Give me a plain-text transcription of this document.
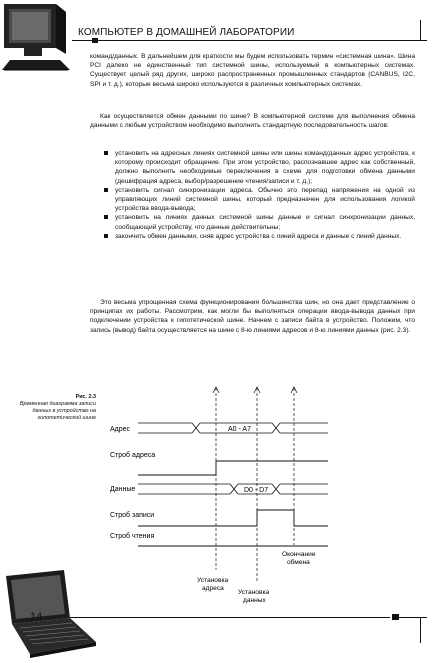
КОМПЬЮТЕР В ДОМАШНЕЙ ЛАБОРАТОРИИ

команд/данных. В дальнейшем для краткости мы будем использовать термин «системная шина». Шина PCI далеко не единственный тип системной шины, используемый в компьютерных системах. Существует целый ряд других, широко распространенных промышленных стандартов (CANBUS, I2C, SPI и т. д.), которые весьма широко используются в различных компьютерных системах.

Как осуществляется обмен данными по шине? В компьютерной системе для выполнения обмена данными с любым устройством необходимо выполнить стандартную последовательность шагов:

установить на адресных линиях системной шины или шины команд/данных адрес устройства, к которому происходит обращение. При этом устройство, распознавшее адрес как собственный, должно выполнить необходимые переключения в схеме для подготовки обмена данными (дешифрация адреса, выбор/разрешение чтения/записи и т. д.);
установить сигнал синхронизации адреса. Обычно это перепад напряжения на одной из управляющих линий системной шины, который предназначен для использования логикой устройства ввода-вывода;
установить на линиях данных системной шины данные и сигнал синхронизации данных, сообщающий устройству, что данные действительны;
закончить обмен данными, сняв адрес устройства с линий адреса и данные с линий данных.

Это весьма упрощенная схема функционирования большинства шин, но она дает представление о принципах их работы. Рассмотрим, как могли бы выполняться операции ввода-вывода данных при подключении устройства к гипотетической шине. Начнем с записи байта в устройство. Положим, что запись (вывод) байта осуществляется на шине с 8-ю линиями адресов и 8-ю линиями данных (рис. 2.3).

Рис. 2.3
Временная диаграмма записи данных в устройство на гипотетической шине
Адрес
Строб адреса
Данные
Строб записи
Строб чтения
A0 - A7
D0 - D7
Установка адреса
Установка данных
Окончание обмена
14
